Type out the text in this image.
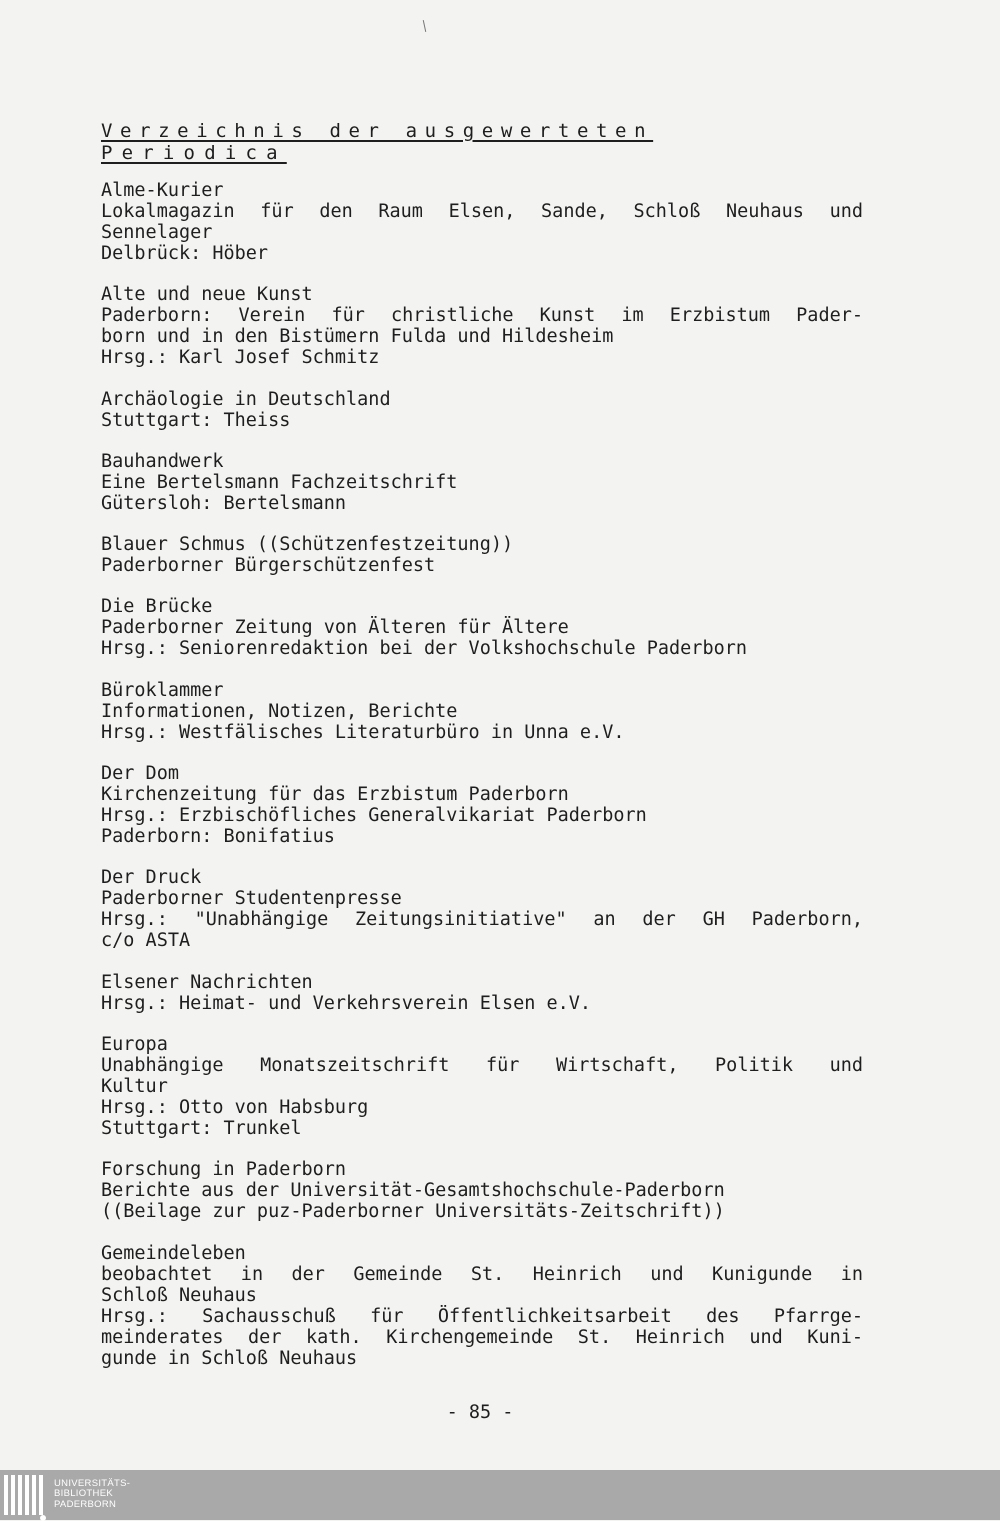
Verzeichnis der ausgewerteten
Periodica
Alme-Kurier
Lokalmagazin für den Raum Elsen, Sande, Schloß Neuhaus und
Sennelager
Delbrück: Höber
Alte und neue Kunst
Paderborn: Verein für christliche Kunst im Erzbistum Pader-
born und in den Bistümern Fulda und Hildesheim
Hrsg.: Karl Josef Schmitz
Archäologie in Deutschland
Stuttgart: Theiss
Bauhandwerk
Eine Bertelsmann Fachzeitschrift
Gütersloh: Bertelsmann
Blauer Schmus ((Schützenfestzeitung))
Paderborner Bürgerschützenfest
Die Brücke
Paderborner Zeitung von Älteren für Ältere
Hrsg.: Seniorenredaktion bei der Volkshochschule Paderborn
Büroklammer
Informationen, Notizen, Berichte
Hrsg.: Westfälisches Literaturbüro in Unna e.V.
Der Dom
Kirchenzeitung für das Erzbistum Paderborn
Hrsg.: Erzbischöfliches Generalvikariat Paderborn
Paderborn: Bonifatius
Der Druck
Paderborner Studentenpresse
Hrsg.: "Unabhängige Zeitungsinitiative" an der GH Paderborn,
c/o ASTA
Elsener Nachrichten
Hrsg.: Heimat- und Verkehrsverein Elsen e.V.
Europa
Unabhängige Monatszeitschrift für Wirtschaft, Politik und
Kultur
Hrsg.: Otto von Habsburg
Stuttgart: Trunkel
Forschung in Paderborn
Berichte aus der Universität-Gesamtshochschule-Paderborn
((Beilage zur puz-Paderborner Universitäts-Zeitschrift))
Gemeindeleben
beobachtet in der Gemeinde St. Heinrich und Kunigunde in
Schloß Neuhaus
Hrsg.: Sachausschuß für Öffentlichkeitsarbeit des Pfarrge-
meinderates der kath. Kirchengemeinde St. Heinrich und Kuni-
gunde in Schloß Neuhaus
- 85 -
UNIVERSITÄTS-
BIBLIOTHEK
PADERBORN
